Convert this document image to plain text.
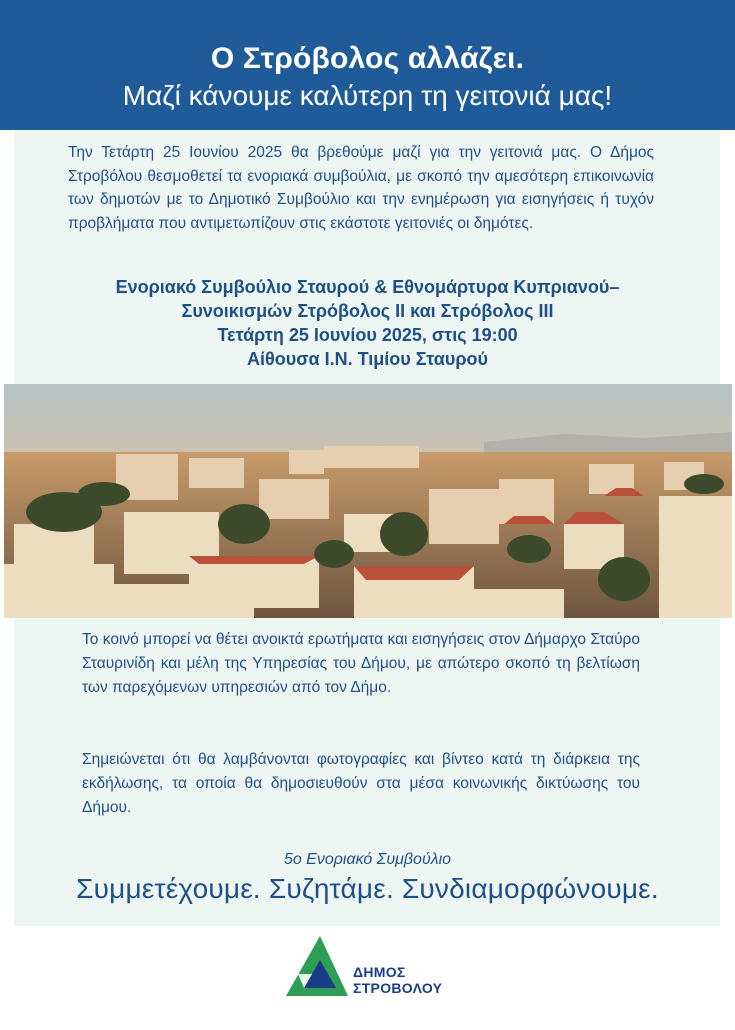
Ο Στρόβολος αλλάζει.
Μαζί κάνουμε καλύτερη τη γειτονιά μας!

Την Τετάρτη 25 Ιουνίου 2025 θα βρεθούμε μαζί για την γειτονιά μας. Ο Δήμος Στροβόλου θεσμοθετεί τα ενοριακά συμβούλια, με σκοπό την αμεσότερη επικοινωνία των δημοτών με το Δημοτικό Συμβούλιο και την ενημέρωση για εισηγήσεις ή τυχόν προβλήματα που αντιμετωπίζουν στις εκάστοτε γειτονιές οι δημότες.

Ενοριακό Συμβούλιο Σταυρού & Εθνομάρτυρα Κυπριανού–
Συνοικισμών Στρόβολος ΙΙ και Στρόβολος ΙΙΙ
Τετάρτη 25 Ιουνίου 2025, στις 19:00
Αίθουσα Ι.Ν. Τιμίου Σταυρού

Το κοινό μπορεί να θέτει ανοικτά ερωτήματα και εισηγήσεις στον Δήμαρχο Σταύρο Σταυρινίδη και μέλη της Υπηρεσίας του Δήμου, με απώτερο σκοπό τη βελτίωση των παρεχόμενων υπηρεσιών από τον Δήμο.

Σημειώνεται ότι θα λαμβάνονται φωτογραφίες και βίντεο κατά τη διάρκεια της εκδήλωσης, τα οποία θα δημοσιευθούν στα μέσα κοινωνικής δικτύωσης του Δήμου.

5ο Ενοριακό Συμβούλιο
Συμμετέχουμε. Συζητάμε. Συνδιαμορφώνουμε.
ΔΗΜΟΣ
ΣΤΡΟΒΟΛΟΥ
